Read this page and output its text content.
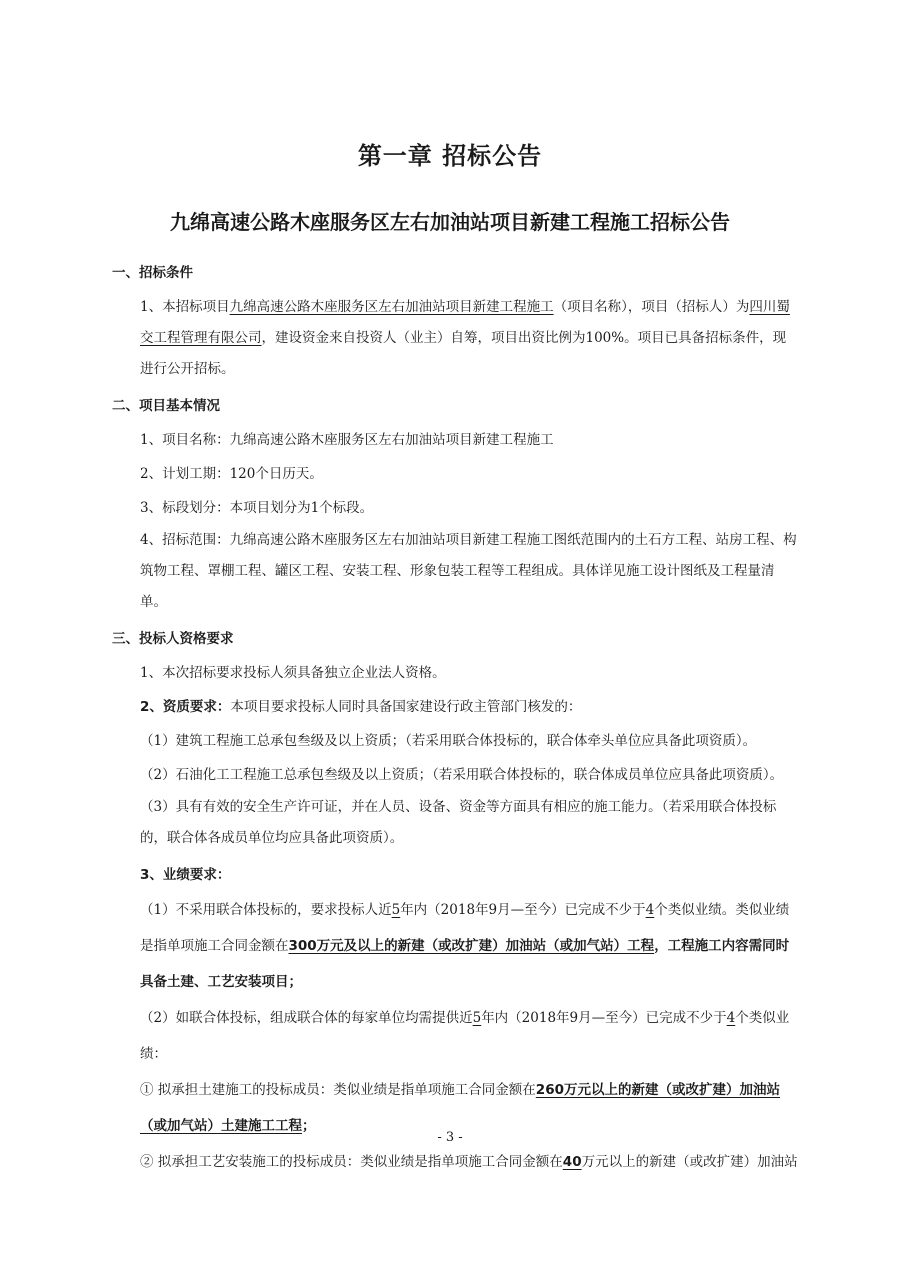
第一章 招标公告
九绵高速公路木座服务区左右加油站项目新建工程施工招标公告
一、招标条件
1、本招标项目九绵高速公路木座服务区左右加油站项目新建工程施工（项目名称），项目（招标人）为四川蜀交工程管理有限公司，建设资金来自投资人（业主）自筹，项目出资比例为100%。项目已具备招标条件，现进行公开招标。
二、项目基本情况
1、项目名称：九绵高速公路木座服务区左右加油站项目新建工程施工
2、计划工期：120个日历天。
3、标段划分：本项目划分为1个标段。
4、招标范围：九绵高速公路木座服务区左右加油站项目新建工程施工图纸范围内的土石方工程、站房工程、构筑物工程、罩棚工程、罐区工程、安装工程、形象包装工程等工程组成。具体详见施工设计图纸及工程量清单。
三、投标人资格要求
1、本次招标要求投标人须具备独立企业法人资格。
2、资质要求：本项目要求投标人同时具备国家建设行政主管部门核发的：
（1）建筑工程施工总承包叁级及以上资质；（若采用联合体投标的，联合体牵头单位应具备此项资质）。
（2）石油化工工程施工总承包叁级及以上资质；（若采用联合体投标的，联合体成员单位应具备此项资质）。
（3）具有有效的安全生产许可证，并在人员、设备、资金等方面具有相应的施工能力。（若采用联合体投标的，联合体各成员单位均应具备此项资质）。
3、业绩要求：
（1）不采用联合体投标的，要求投标人近5年内（2018年9月—至今）已完成不少于4个类似业绩。类似业绩是指单项施工合同金额在300万元及以上的新建（或改扩建）加油站（或加气站）工程，工程施工内容需同时具备土建、工艺安装项目；
（2）如联合体投标，组成联合体的每家单位均需提供近5年内（2018年9月—至今）已完成不少于4个类似业绩：
① 拟承担土建施工的投标成员：类似业绩是指单项施工合同金额在260万元以上的新建（或改扩建）加油站（或加气站）土建施工工程；
② 拟承担工艺安装施工的投标成员：类似业绩是指单项施工合同金额在40万元以上的新建（或改扩建）加油站
- 3 -
